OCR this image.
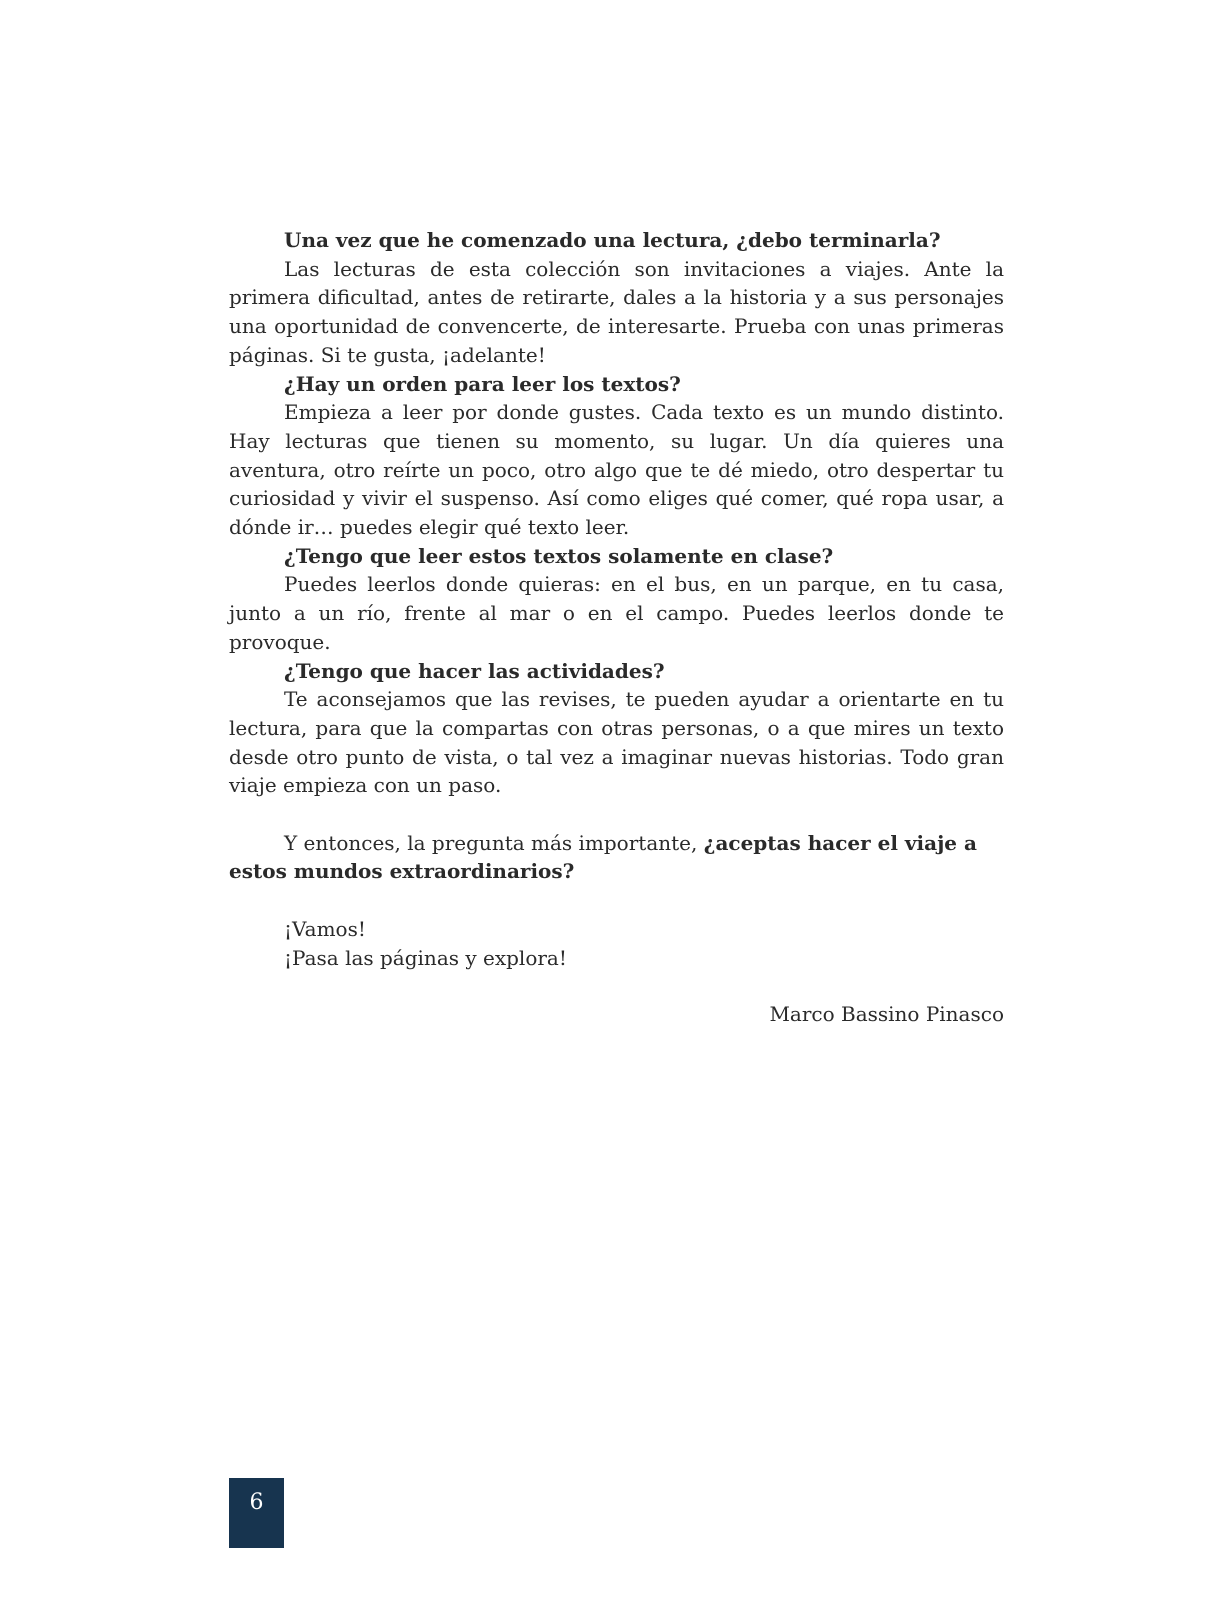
Una vez que he comenzado una lectura, ¿debo terminarla?

Las lecturas de esta colección son invitaciones a viajes. Ante la primera dificultad, antes de retirarte, dales a la historia y a sus personajes una oportunidad de convencerte, de interesarte. Prueba con unas primeras páginas. Si te gusta, ¡adelante!

¿Hay un orden para leer los textos?

Empieza a leer por donde gustes. Cada texto es un mundo distinto. Hay lecturas que tienen su momento, su lugar. Un día quieres una aventura, otro reírte un poco, otro algo que te dé miedo, otro despertar tu curiosidad y vivir el suspenso. Así como eliges qué comer, qué ropa usar, a dónde ir… puedes elegir qué texto leer.

¿Tengo que leer estos textos solamente en clase?

Puedes leerlos donde quieras: en el bus, en un parque, en tu casa, junto a un río, frente al mar o en el campo. Puedes leerlos donde te provoque.

¿Tengo que hacer las actividades?

Te aconsejamos que las revises, te pueden ayudar a orientarte en tu lectura, para que la compartas con otras personas, o a que mires un texto desde otro punto de vista, o tal vez a imaginar nuevas historias. Todo gran viaje empieza con un paso.

Y entonces, la pregunta más importante, ¿aceptas hacer el viaje a estos mundos extraordinarios?

¡Vamos!

¡Pasa las páginas y explora!

Marco Bassino Pinasco

6
